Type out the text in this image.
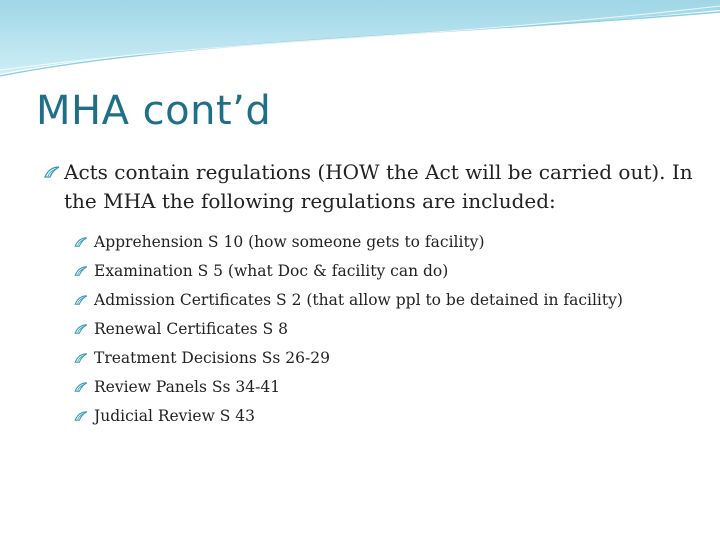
MHA cont’d
Acts contain regulations (HOW the Act will be carried out). In the MHA the following regulations are included:
Apprehension S 10 (how someone gets to facility)
Examination S 5 (what Doc & facility can do)
Admission Certificates S 2 (that allow ppl to be detained in facility)
Renewal Certificates S 8
Treatment Decisions Ss 26-29
Review Panels Ss 34-41
Judicial Review S 43
